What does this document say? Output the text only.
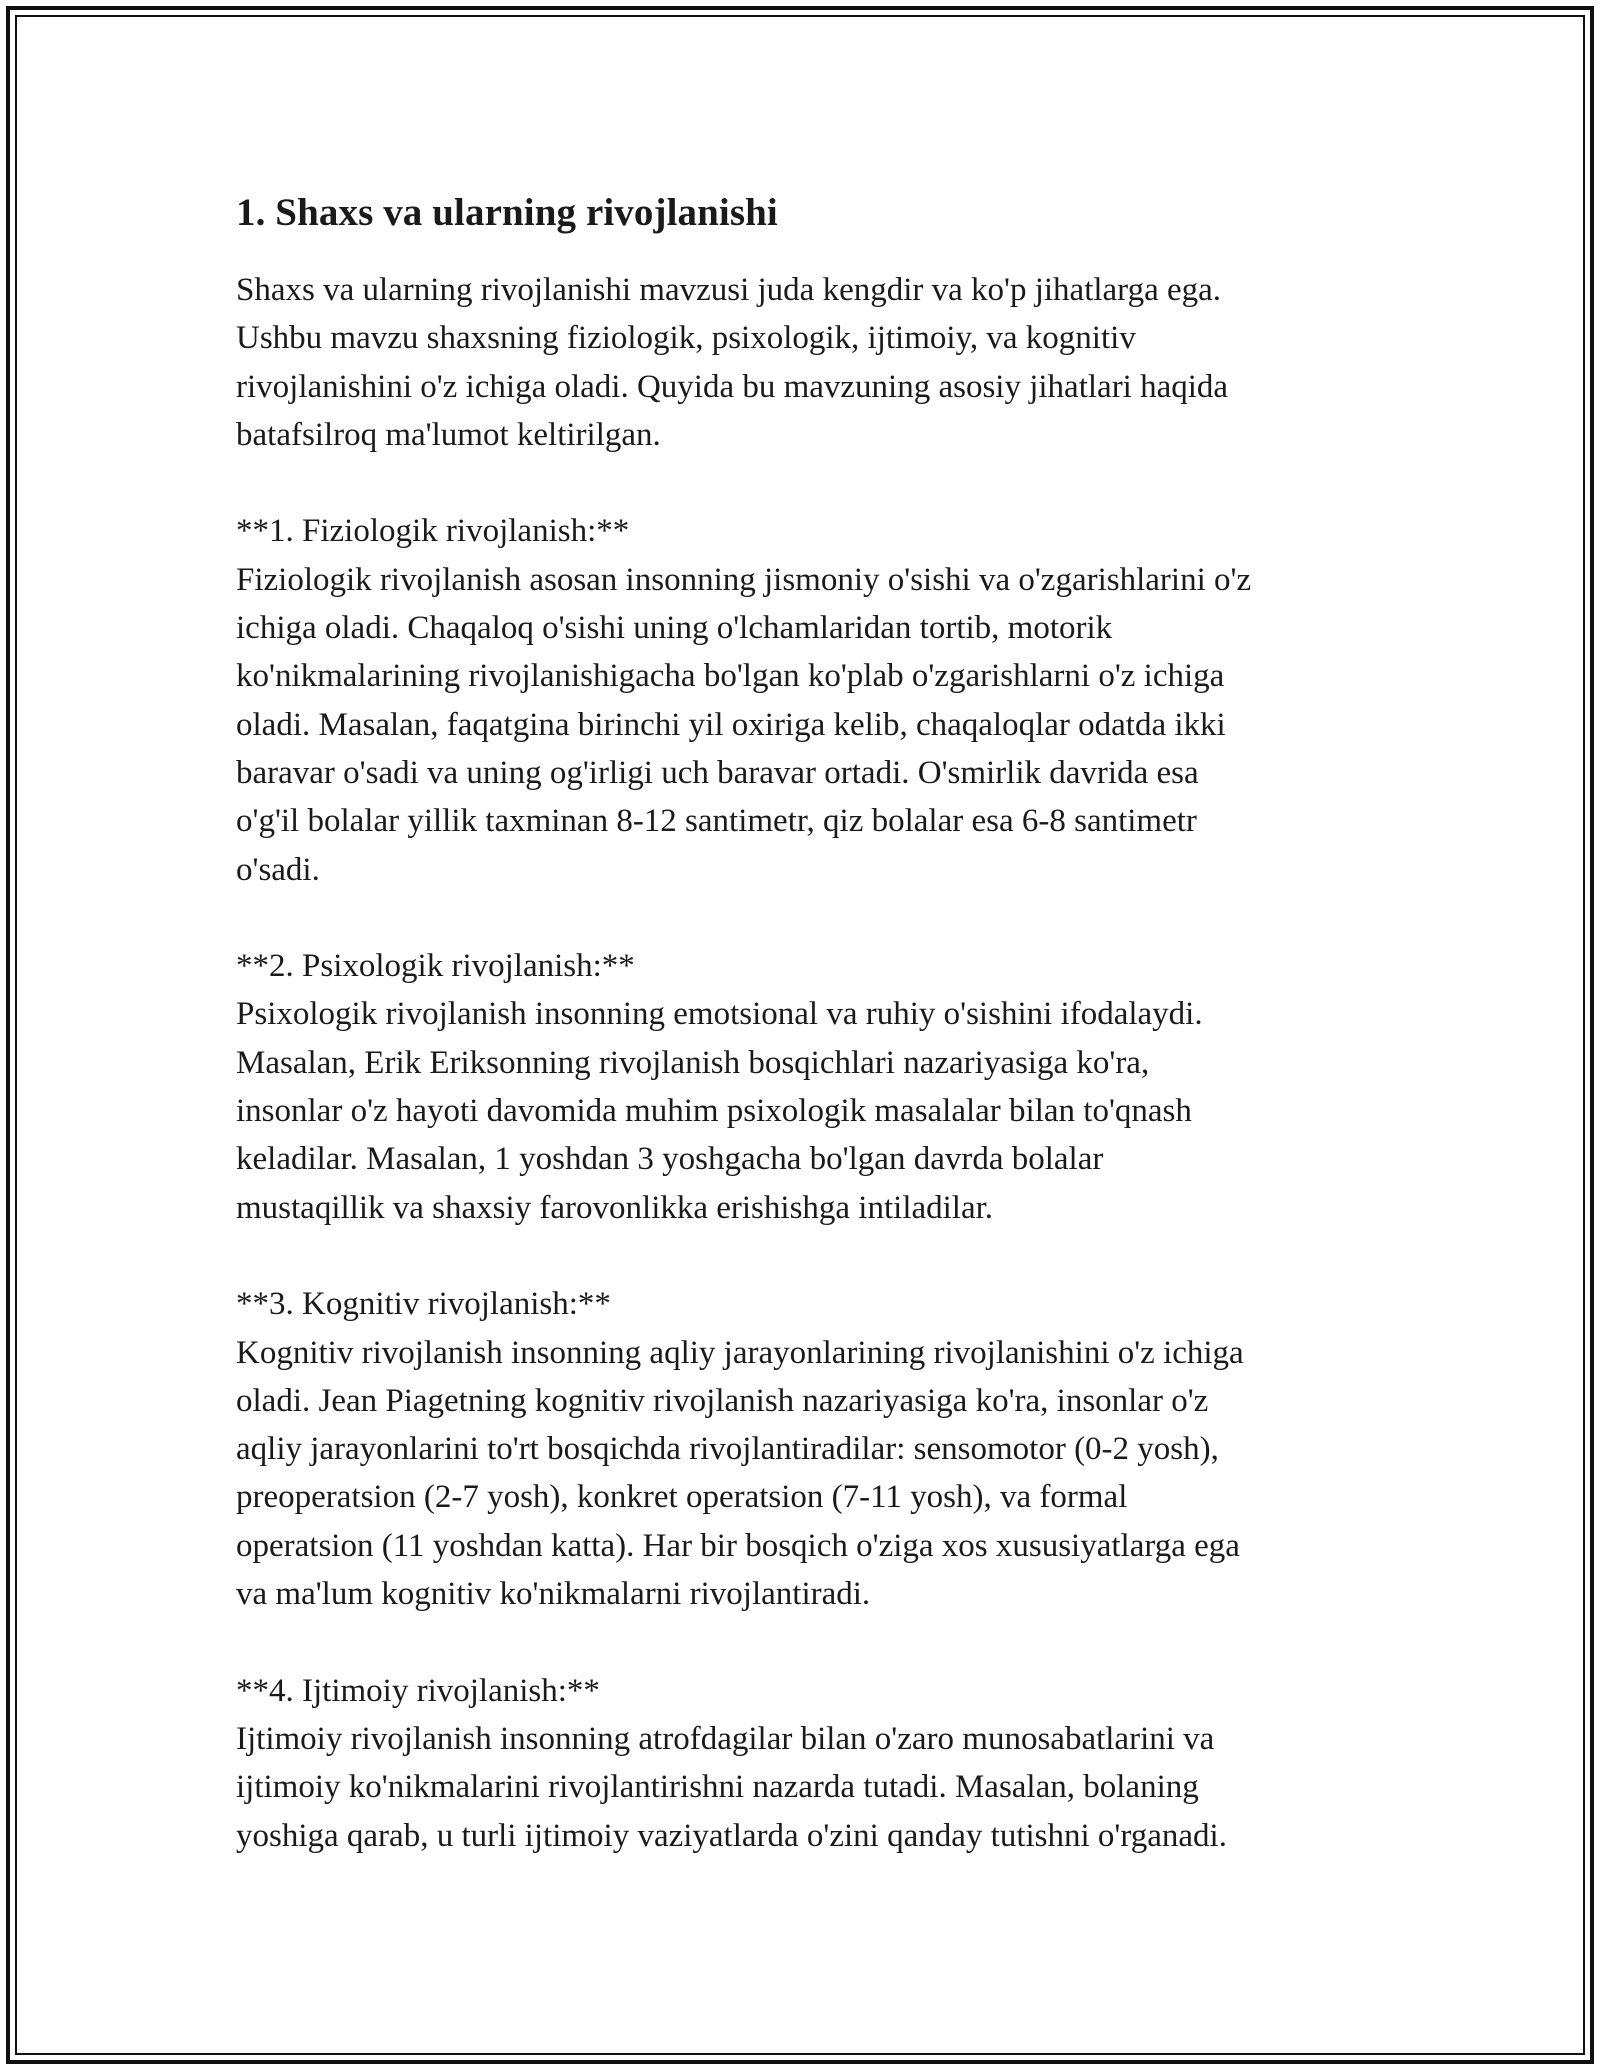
1. Shaxs va ularning rivojlanishi

Shaxs va ularning rivojlanishi mavzusi juda kengdir va ko'p jihatlarga ega.
Ushbu mavzu shaxsning fiziologik, psixologik, ijtimoiy, va kognitiv
rivojlanishini o'z ichiga oladi. Quyida bu mavzuning asosiy jihatlari haqida
batafsilroq ma'lumot keltirilgan.

**1. Fiziologik rivojlanish:**

Fiziologik rivojlanish asosan insonning jismoniy o'sishi va o'zgarishlarini o'z
ichiga oladi. Chaqaloq o'sishi uning o'lchamlaridan tortib, motorik
ko'nikmalarining rivojlanishigacha bo'lgan ko'plab o'zgarishlarni o'z ichiga
oladi. Masalan, faqatgina birinchi yil oxiriga kelib, chaqaloqlar odatda ikki
baravar o'sadi va uning og'irligi uch baravar ortadi. O'smirlik davrida esa
o'g'il bolalar yillik taxminan 8-12 santimetr, qiz bolalar esa 6-8 santimetr
o'sadi.

**2. Psixologik rivojlanish:**

Psixologik rivojlanish insonning emotsional va ruhiy o'sishini ifodalaydi.
Masalan, Erik Eriksonning rivojlanish bosqichlari nazariyasiga ko'ra,
insonlar o'z hayoti davomida muhim psixologik masalalar bilan to'qnash
keladilar. Masalan, 1 yoshdan 3 yoshgacha bo'lgan davrda bolalar
mustaqillik va shaxsiy farovonlikka erishishga intiladilar.

**3. Kognitiv rivojlanish:**

Kognitiv rivojlanish insonning aqliy jarayonlarining rivojlanishini o'z ichiga
oladi. Jean Piagetning kognitiv rivojlanish nazariyasiga ko'ra, insonlar o'z
aqliy jarayonlarini to'rt bosqichda rivojlantiradilar: sensomotor (0-2 yosh),
preoperatsion (2-7 yosh), konkret operatsion (7-11 yosh), va formal
operatsion (11 yoshdan katta). Har bir bosqich o'ziga xos xususiyatlarga ega
va ma'lum kognitiv ko'nikmalarni rivojlantiradi.

**4. Ijtimoiy rivojlanish:**

Ijtimoiy rivojlanish insonning atrofdagilar bilan o'zaro munosabatlarini va
ijtimoiy ko'nikmalarini rivojlantirishni nazarda tutadi. Masalan, bolaning
yoshiga qarab, u turli ijtimoiy vaziyatlarda o'zini qanday tutishni o'rganadi.
